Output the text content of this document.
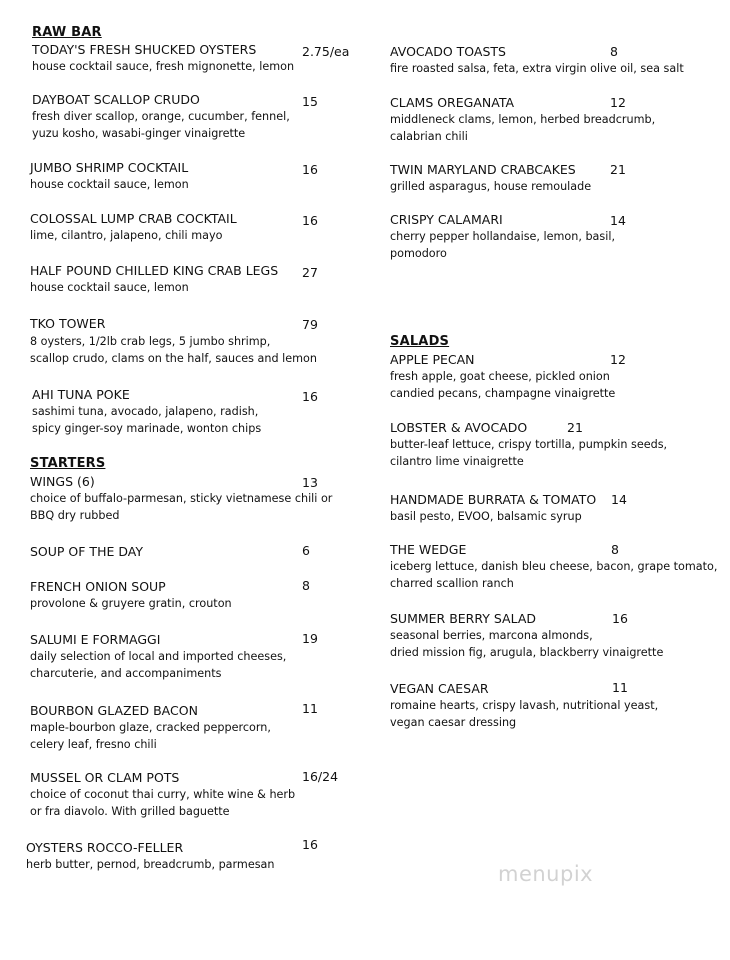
RAW BAR
TODAY'S FRESH SHUCKED OYSTERS
house cocktail sauce, fresh mignonette, lemon
2.75/ea
DAYBOAT SCALLOP CRUDO
fresh diver scallop, orange, cucumber, fennel,
yuzu kosho, wasabi-ginger vinaigrette
15
JUMBO SHRIMP COCKTAIL
house cocktail sauce, lemon
16
COLOSSAL LUMP CRAB COCKTAIL
lime, cilantro, jalapeno, chili mayo
16
HALF POUND CHILLED KING CRAB LEGS
house cocktail sauce, lemon
27
TKO TOWER
8 oysters, 1/2lb crab legs, 5 jumbo shrimp,
scallop crudo, clams on the half, sauces and lemon
79
AHI TUNA POKE
sashimi tuna, avocado, jalapeno, radish,
spicy ginger-soy marinade, wonton chips
16
STARTERS
WINGS (6)
choice of buffalo-parmesan, sticky vietnamese chili or
BBQ dry rubbed
13
SOUP OF THE DAY	6
FRENCH ONION SOUP
provolone & gruyere gratin, crouton
8
SALUMI E FORMAGGI
daily selection of local and imported cheeses,
charcuterie, and accompaniments
19
BOURBON GLAZED BACON
maple-bourbon glaze, cracked peppercorn,
celery leaf, fresno chili
11
MUSSEL OR CLAM POTS
choice of coconut thai curry, white wine & herb
or fra diavolo. With grilled baguette
16/24
OYSTERS ROCCO-FELLER
herb butter, pernod, breadcrumb, parmesan
16
AVOCADO TOASTS
fire roasted salsa, feta, extra virgin olive oil, sea salt
8
CLAMS OREGANATA
middleneck clams, lemon, herbed breadcrumb,
calabrian chili
12
TWIN MARYLAND CRABCAKES
grilled asparagus, house remoulade
21
CRISPY CALAMARI
cherry pepper hollandaise, lemon, basil,
pomodoro
14
SALADS
APPLE PECAN
fresh apple, goat cheese, pickled onion
candied pecans, champagne vinaigrette
12
LOBSTER & AVOCADO
butter-leaf lettuce, crispy tortilla, pumpkin seeds,
cilantro lime vinaigrette
21
HANDMADE BURRATA & TOMATO
basil pesto, EVOO, balsamic syrup
14
THE WEDGE
iceberg lettuce, danish bleu cheese, bacon, grape tomato,
charred scallion ranch
8
SUMMER BERRY SALAD
seasonal berries, marcona almonds,
dried mission fig, arugula, blackberry vinaigrette
16
VEGAN CAESAR
romaine hearts, crispy lavash, nutritional yeast,
vegan caesar dressing
11
menupix
